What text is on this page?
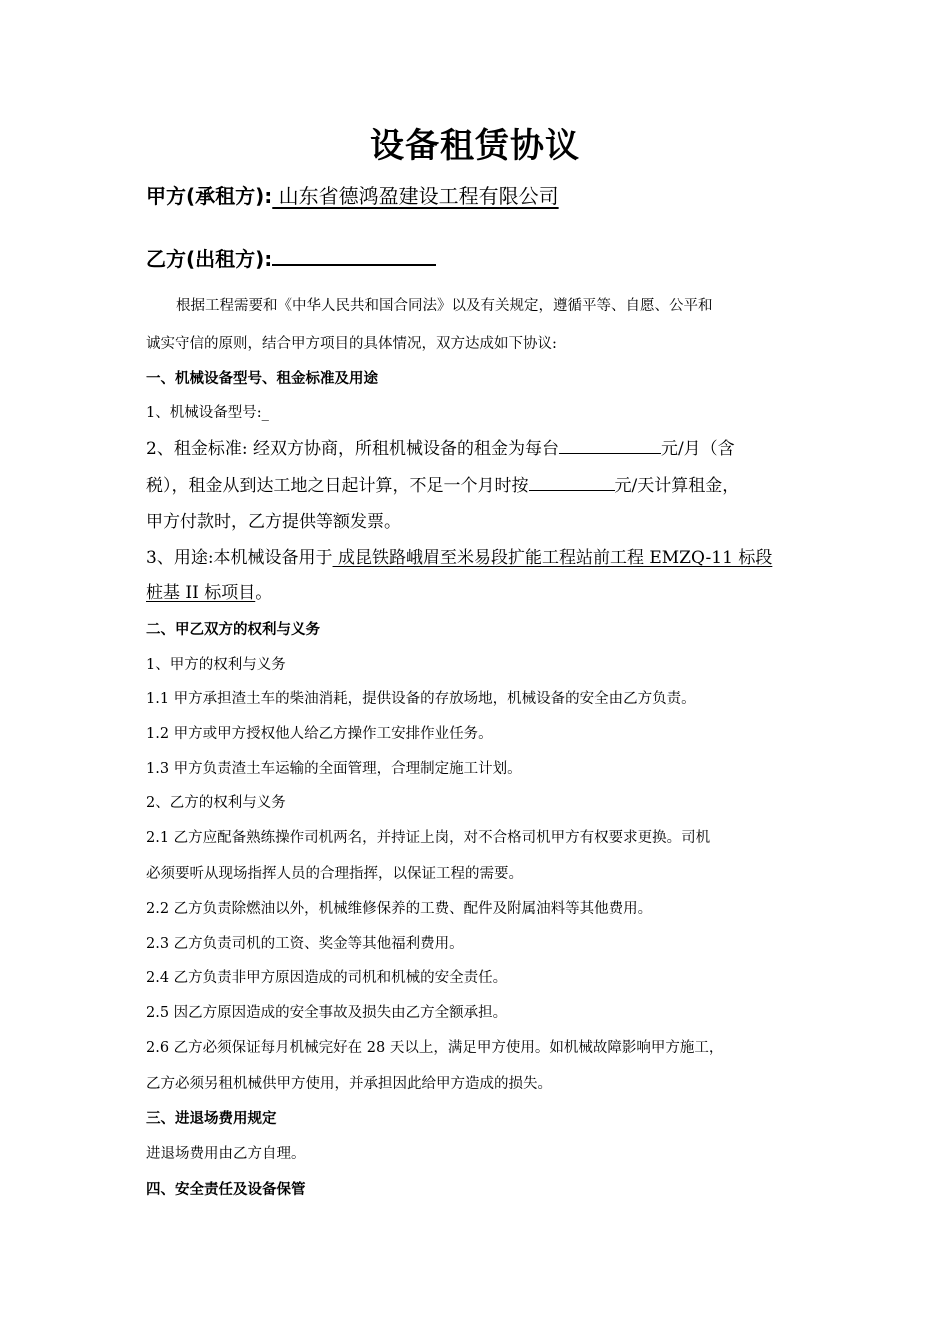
设备租赁协议
甲方(承租方): 山东省德鸿盈建设工程有限公司
乙方(出租方):
根据工程需要和《中华人民共和国合同法》以及有关规定，遵循平等、自愿、公平和
诚实守信的原则，结合甲方项目的具体情况，双方达成如下协议:
一、机械设备型号、租金标准及用途
1、机械设备型号:_
2、租金标准: 经双方协商，所租机械设备的租金为每台	元/月（含
税），租金从到达工地之日起计算，不足一个月时按	元/天计算租金，
甲方付款时，乙方提供等额发票。
3、用途:本机械设备用于 成昆铁路峨眉至米易段扩能工程站前工程 EMZQ-11 标段
桩基 II 标项目。
二、甲乙双方的权利与义务
1、甲方的权利与义务
1.1 甲方承担渣土车的柴油消耗，提供设备的存放场地，机械设备的安全由乙方负责。
1.2 甲方或甲方授权他人给乙方操作工安排作业任务。
1.3 甲方负责渣土车运输的全面管理，合理制定施工计划。
2、乙方的权利与义务
2.1 乙方应配备熟练操作司机两名，并持证上岗，对不合格司机甲方有权要求更换。司机
必须要听从现场指挥人员的合理指挥，以保证工程的需要。
2.2 乙方负责除燃油以外，机械维修保养的工费、配件及附属油料等其他费用。
2.3 乙方负责司机的工资、奖金等其他福利费用。
2.4 乙方负责非甲方原因造成的司机和机械的安全责任。
2.5 因乙方原因造成的安全事故及损失由乙方全额承担。
2.6 乙方必须保证每月机械完好在 28 天以上，满足甲方使用。如机械故障影响甲方施工，
乙方必须另租机械供甲方使用，并承担因此给甲方造成的损失。
三、进退场费用规定
进退场费用由乙方自理。
四、安全责任及设备保管
